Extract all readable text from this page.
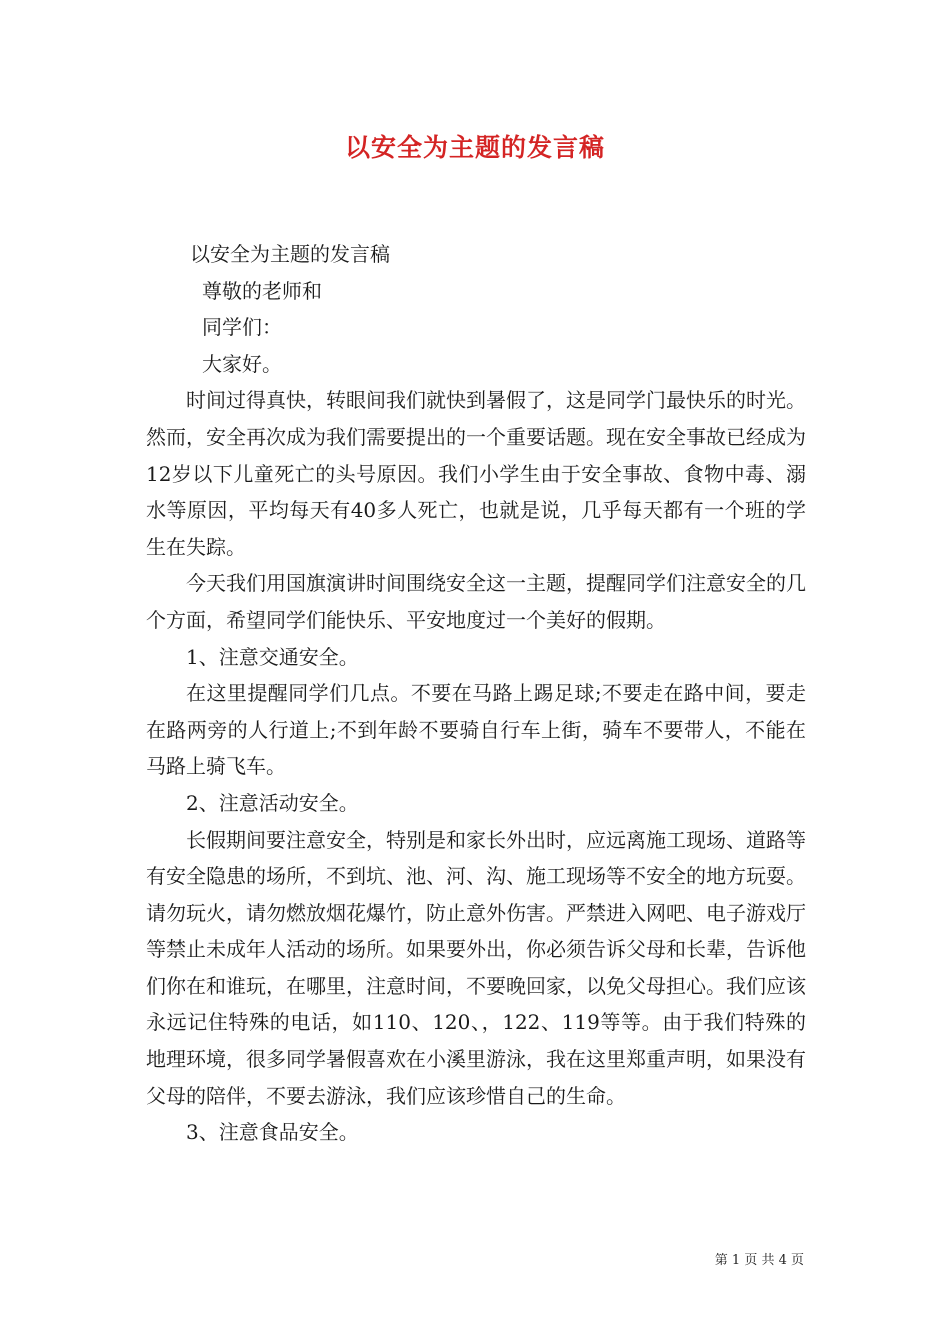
以安全为主题的发言稿

以安全为主题的发言稿

尊敬的老师和

同学们：

大家好。

时间过得真快，转眼间我们就快到暑假了，这是同学门最快乐的时光。然而，安全再次成为我们需要提出的一个重要话题。现在安全事故已经成为12岁以下儿童死亡的头号原因。我们小学生由于安全事故、食物中毒、溺水等原因，平均每天有40多人死亡，也就是说，几乎每天都有一个班的学生在失踪。

今天我们用国旗演讲时间围绕安全这一主题，提醒同学们注意安全的几个方面，希望同学们能快乐、平安地度过一个美好的假期。

1、注意交通安全。

在这里提醒同学们几点。不要在马路上踢足球;不要走在路中间，要走在路两旁的人行道上;不到年龄不要骑自行车上街，骑车不要带人，不能在马路上骑飞车。

2、注意活动安全。

长假期间要注意安全，特别是和家长外出时，应远离施工现场、道路等有安全隐患的场所，不到坑、池、河、沟、施工现场等不安全的地方玩耍。请勿玩火，请勿燃放烟花爆竹，防止意外伤害。严禁进入网吧、电子游戏厅等禁止未成年人活动的场所。如果要外出，你必须告诉父母和长辈，告诉他们你在和谁玩，在哪里，注意时间，不要晚回家，以免父母担心。我们应该永远记住特殊的电话，如110、120、，122、119等等。由于我们特殊的地理环境，很多同学暑假喜欢在小溪里游泳，我在这里郑重声明，如果没有父母的陪伴，不要去游泳，我们应该珍惜自己的生命。

3、注意食品安全。

第 1 页 共 4 页
